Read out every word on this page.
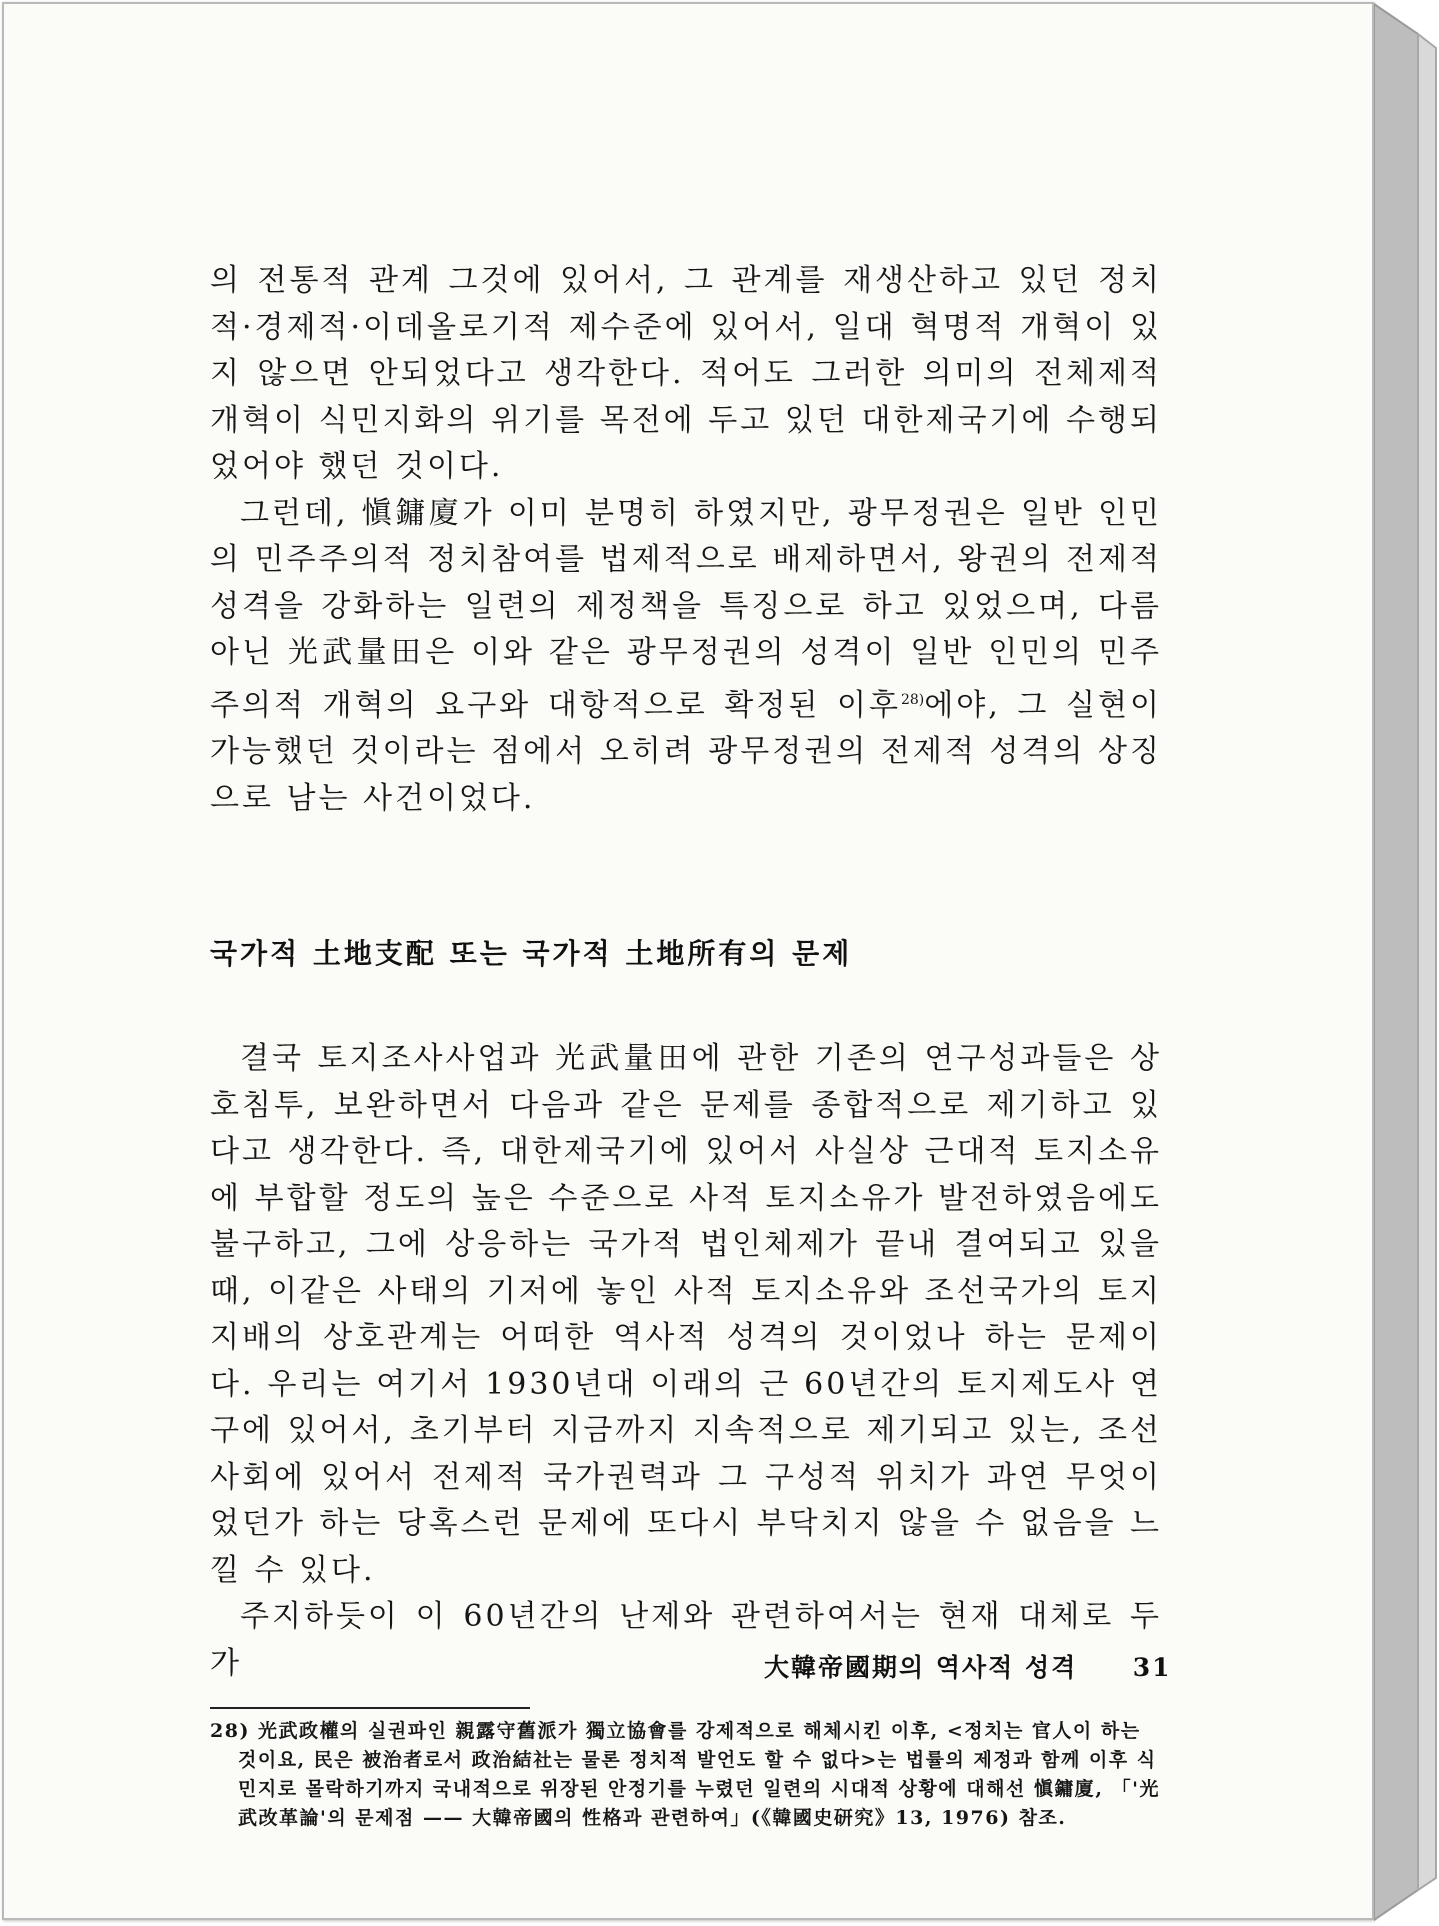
의 전통적 관계 그것에 있어서, 그 관계를 재생산하고 있던 정치적·경제적·이데올로기적 제수준에 있어서, 일대 혁명적 개혁이 있지 않으면 안되었다고 생각한다. 적어도 그러한 의미의 전체제적 개혁이 식민지화의 위기를 목전에 두고 있던 대한제국기에 수행되었어야 했던 것이다.

그런데, 愼鏞廈가 이미 분명히 하였지만, 광무정권은 일반 인민의 민주주의적 정치참여를 법제적으로 배제하면서, 왕권의 전제적 성격을 강화하는 일련의 제정책을 특징으로 하고 있었으며, 다름 아닌 光武量田은 이와 같은 광무정권의 성격이 일반 인민의 민주주의적 개혁의 요구와 대항적으로 확정된 이후$^{28)}$에야, 그 실현이 가능했던 것이라는 점에서 오히려 광무정권의 전제적 성격의 상징으로 남는 사건이었다.

국가적 土地支配 또는 국가적 土地所有의 문제

결국 토지조사사업과 光武量田에 관한 기존의 연구성과들은 상호침투, 보완하면서 다음과 같은 문제를 종합적으로 제기하고 있다고 생각한다. 즉, 대한제국기에 있어서 사실상 근대적 토지소유에 부합할 정도의 높은 수준으로 사적 토지소유가 발전하였음에도 불구하고, 그에 상응하는 국가적 법인체제가 끝내 결여되고 있을 때, 이같은 사태의 기저에 놓인 사적 토지소유와 조선국가의 토지지배의 상호관계는 어떠한 역사적 성격의 것이었나 하는 문제이다. 우리는 여기서 1930년대 이래의 근 60년간의 토지제도사 연구에 있어서, 초기부터 지금까지 지속적으로 제기되고 있는, 조선사회에 있어서 전제적 국가권력과 그 구성적 위치가 과연 무엇이었던가 하는 당혹스런 문제에 또다시 부닥치지 않을 수 없음을 느낄 수 있다.

주지하듯이 이 60년간의 난제와 관련하여서는 현재 대체로 두 가

28) 光武政權의 실권파인 親露守舊派가 獨立協會를 강제적으로 해체시킨 이후, <정치는 官人이 하는 것이요, 民은 被治者로서 政治結社는 물론 정치적 발언도 할 수 없다>는 법률의 제정과 함께 이후 식민지로 몰락하기까지 국내적으로 위장된 안정기를 누렸던 일련의 시대적 상황에 대해선 愼鏞廈, 「'光武改革論'의 문제점 —— 大韓帝國의 性格과 관련하여」(《韓國史研究》13, 1976) 참조.

大韓帝國期의 역사적 성격 31
